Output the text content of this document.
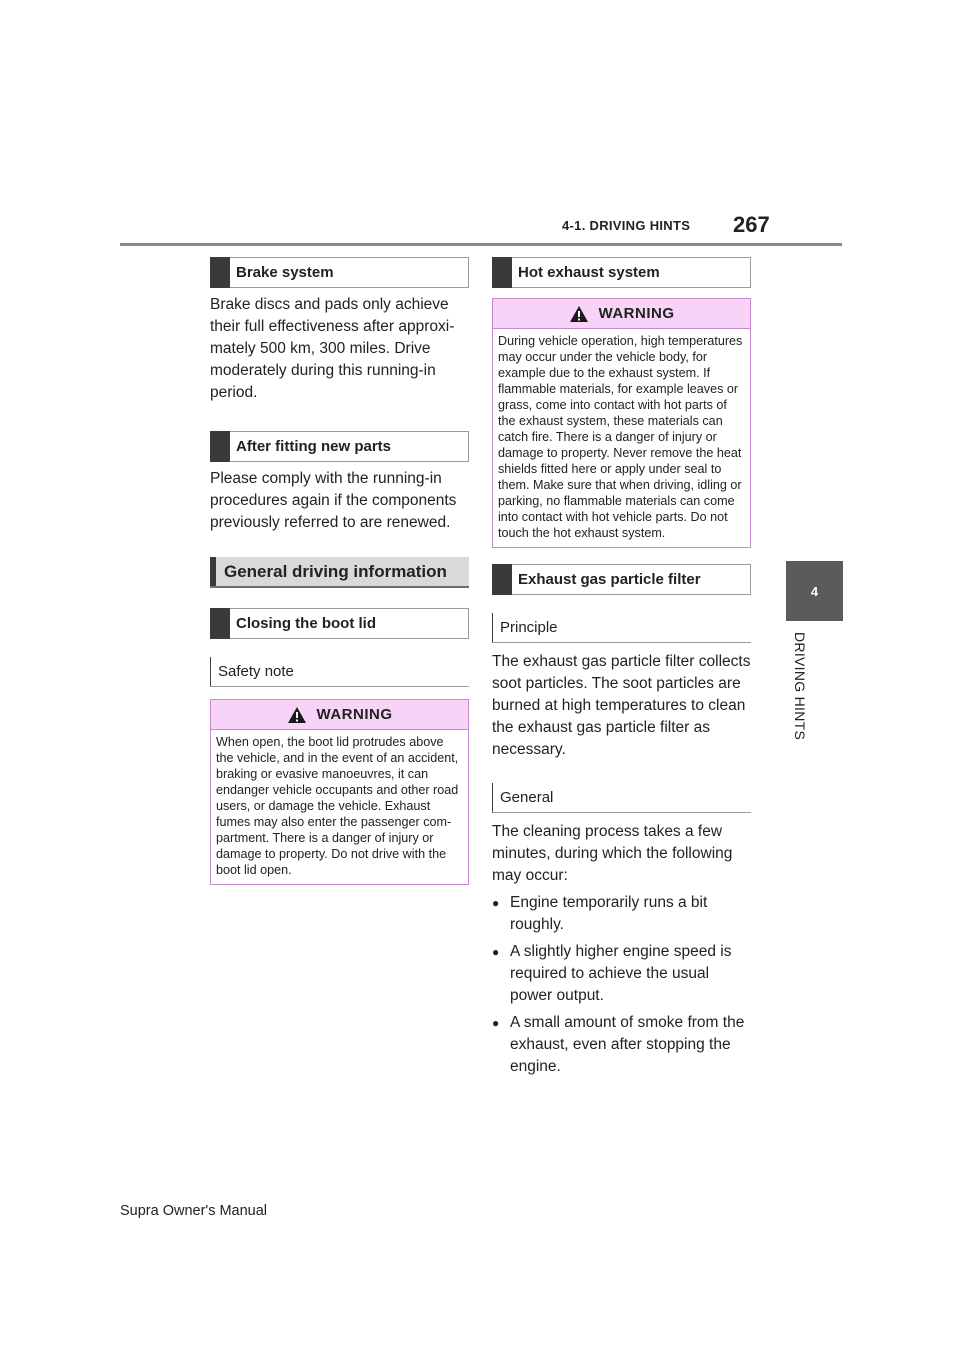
4-1. DRIVING HINTS 267
4
DRIVING HINTS
Brake system

Brake discs and pads only achieve their full effectiveness after approximately 500 km, 300 miles. Drive moderately during this running-in period.

After fitting new parts

Please comply with the running-in procedures again if the components previously referred to are renewed.

General driving information
Closing the boot lid
Safety note
WARNING
When open, the boot lid protrudes above the vehicle, and in the event of an accident, braking or evasive manoeuvres, it can endanger vehicle occupants and other road users, or damage the vehicle. Exhaust fumes may also enter the passenger compartment. There is a danger of injury or damage to property. Do not drive with the boot lid open.
Hot exhaust system
WARNING
During vehicle operation, high temperatures may occur under the vehicle body, for example due to the exhaust system. If flammable materials, for example leaves or grass, come into contact with hot parts of the exhaust system, these materials can catch fire. There is a danger of injury or damage to property. Never remove the heat shields fitted here or apply under seal to them. Make sure that when driving, idling or parking, no flammable materials can come into contact with hot vehicle parts. Do not touch the hot exhaust system.
Exhaust gas particle filter
Principle

The exhaust gas particle filter collects soot particles. The soot particles are burned at high temperatures to clean the exhaust gas particle filter as necessary.

General

The cleaning process takes a few minutes, during which the following may occur:

● Engine temporarily runs a bit roughly.
● A slightly higher engine speed is required to achieve the usual power output.
● A small amount of smoke from the exhaust, even after stopping the engine.
Supra Owner's Manual
